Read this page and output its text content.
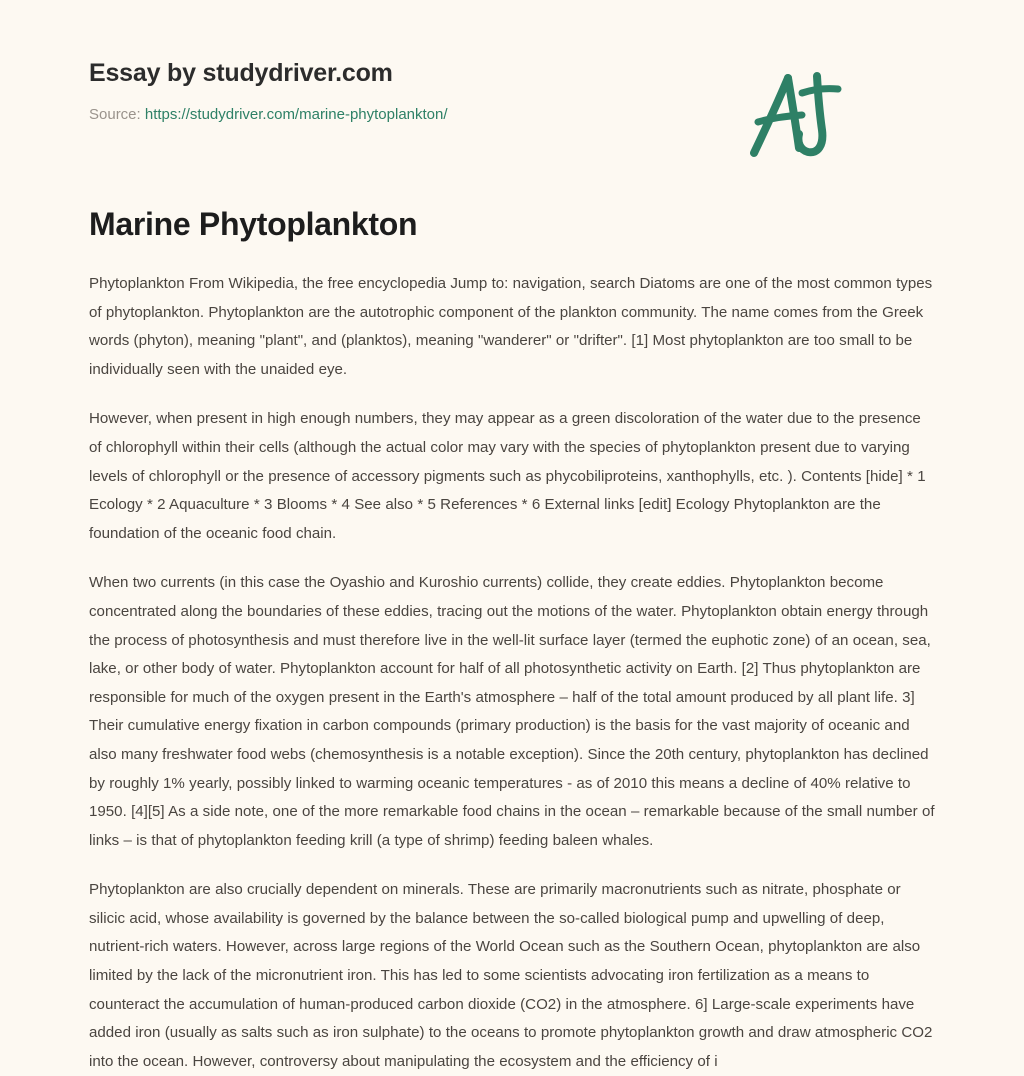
Essay by studydriver.com
Source: https://studydriver.com/marine-phytoplankton/
Marine Phytoplankton

Phytoplankton From Wikipedia, the free encyclopedia Jump to: navigation, search Diatoms are one of the most common types of phytoplankton. Phytoplankton are the autotrophic component of the plankton community. The name comes from the Greek words (phyton), meaning "plant", and (planktos), meaning "wanderer" or "drifter". [1] Most phytoplankton are too small to be individually seen with the unaided eye.

However, when present in high enough numbers, they may appear as a green discoloration of the water due to the presence of chlorophyll within their cells (although the actual color may vary with the species of phytoplankton present due to varying levels of chlorophyll or the presence of accessory pigments such as phycobiliproteins, xanthophylls, etc. ). Contents [hide] * 1 Ecology * 2 Aquaculture * 3 Blooms * 4 See also * 5 References * 6 External links [edit] Ecology Phytoplankton are the foundation of the oceanic food chain.

When two currents (in this case the Oyashio and Kuroshio currents) collide, they create eddies. Phytoplankton become concentrated along the boundaries of these eddies, tracing out the motions of the water. Phytoplankton obtain energy through the process of photosynthesis and must therefore live in the well-lit surface layer (termed the euphotic zone) of an ocean, sea, lake, or other body of water. Phytoplankton account for half of all photosynthetic activity on Earth. [2] Thus phytoplankton are responsible for much of the oxygen present in the Earth's atmosphere – half of the total amount produced by all plant life. 3] Their cumulative energy fixation in carbon compounds (primary production) is the basis for the vast majority of oceanic and also many freshwater food webs (chemosynthesis is a notable exception). Since the 20th century, phytoplankton has declined by roughly 1% yearly, possibly linked to warming oceanic temperatures - as of 2010 this means a decline of 40% relative to 1950. [4][5] As a side note, one of the more remarkable food chains in the ocean – remarkable because of the small number of links – is that of phytoplankton feeding krill (a type of shrimp) feeding baleen whales.

Phytoplankton are also crucially dependent on minerals. These are primarily macronutrients such as nitrate, phosphate or silicic acid, whose availability is governed by the balance between the so-called biological pump and upwelling of deep, nutrient-rich waters. However, across large regions of the World Ocean such as the Southern Ocean, phytoplankton are also limited by the lack of the micronutrient iron. This has led to some scientists advocating iron fertilization as a means to counteract the accumulation of human-produced carbon dioxide (CO2) in the atmosphere. 6] Large-scale experiments have added iron (usually as salts such as iron sulphate) to the oceans to promote phytoplankton growth and draw atmospheric CO2 into the ocean. However, controversy about manipulating the ecosystem and the efficiency of i
